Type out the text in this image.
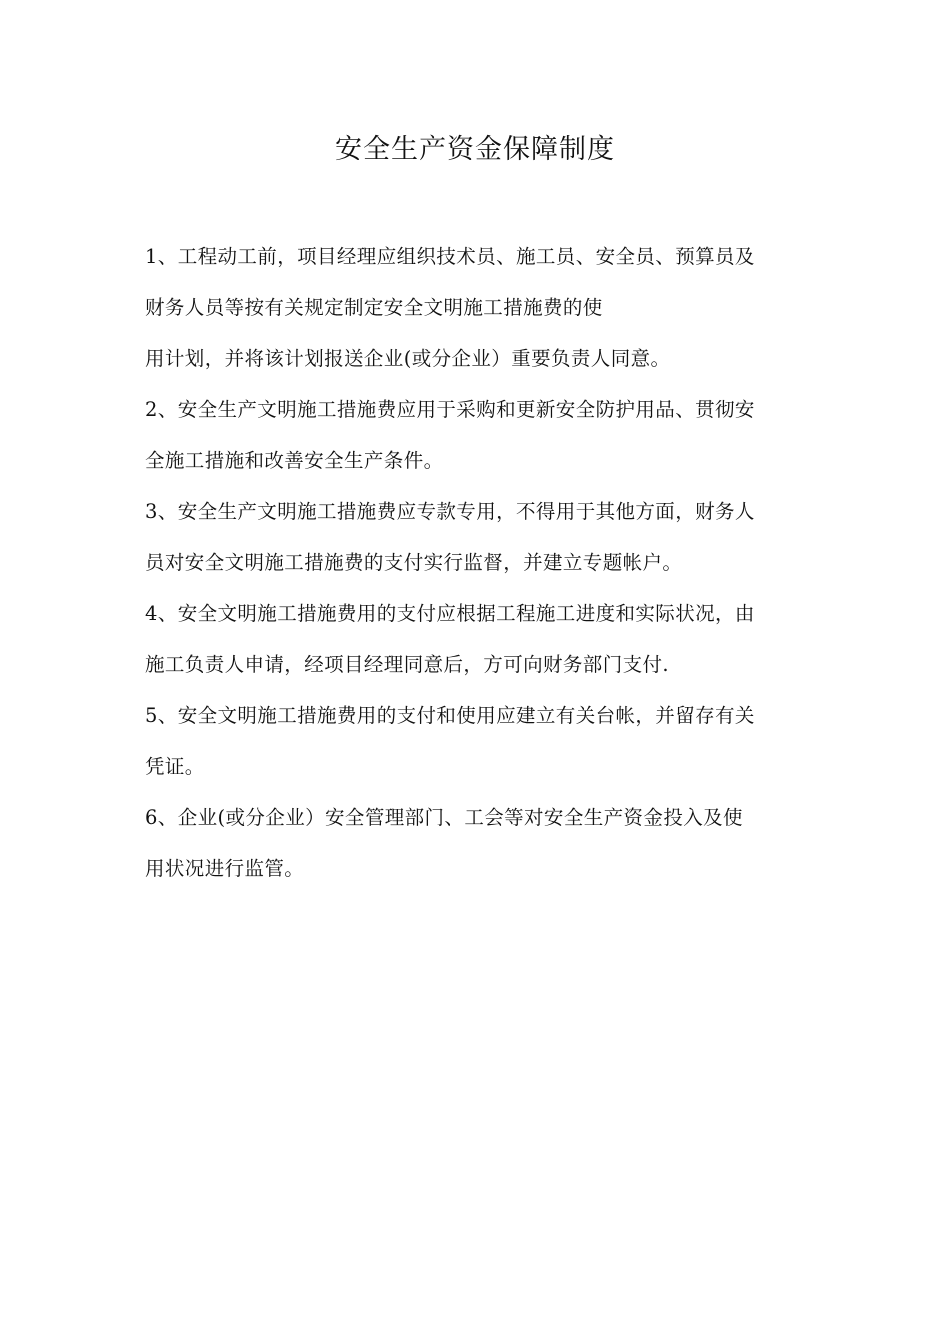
安全生产资金保障制度
1、工程动工前，项目经理应组织技术员、施工员、安全员、预算员及
财务人员等按有关规定制定安全文明施工措施费的使
用计划，并将该计划报送企业(或分企业）重要负责人同意。
2、安全生产文明施工措施费应用于采购和更新安全防护用品、贯彻安
全施工措施和改善安全生产条件。
3、安全生产文明施工措施费应专款专用，不得用于其他方面，财务人
员对安全文明施工措施费的支付实行监督，并建立专题帐户。
4、安全文明施工措施费用的支付应根据工程施工进度和实际状况，由
施工负责人申请，经项目经理同意后，方可向财务部门支付.
5、安全文明施工措施费用的支付和使用应建立有关台帐，并留存有关
凭证。
6、企业(或分企业）安全管理部门、工会等对安全生产资金投入及使
用状况进行监管。
